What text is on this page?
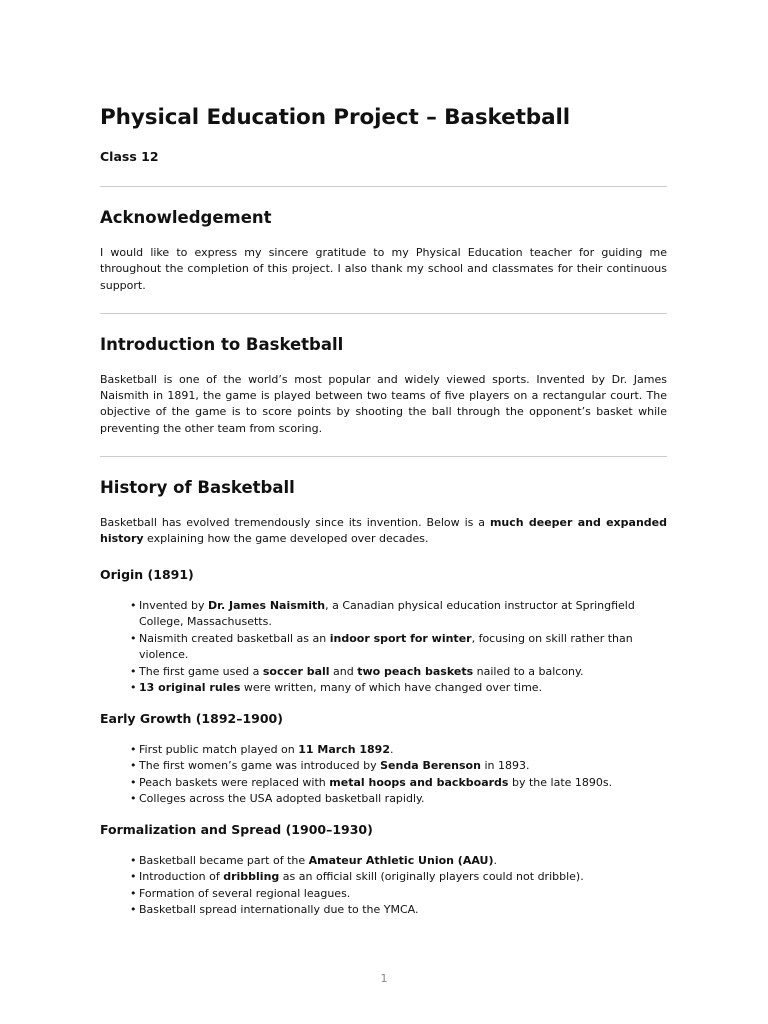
Physical Education Project – Basketball
Class 12
Acknowledgement

I would like to express my sincere gratitude to my Physical Education teacher for guiding me throughout the completion of this project. I also thank my school and classmates for their continuous support.

Introduction to Basketball

Basketball is one of the world’s most popular and widely viewed sports. Invented by Dr. James Naismith in 1891, the game is played between two teams of five players on a rectangular court. The objective of the game is to score points by shooting the ball through the opponent’s basket while preventing the other team from scoring.

History of Basketball

Basketball has evolved tremendously since its invention. Below is a much deeper and expanded history explaining how the game developed over decades.

Origin (1891)
• Invented by Dr. James Naismith, a Canadian physical education instructor at Springfield College, Massachusetts.
• Naismith created basketball as an indoor sport for winter, focusing on skill rather than violence.
• The first game used a soccer ball and two peach baskets nailed to a balcony.
• 13 original rules were written, many of which have changed over time.
Early Growth (1892–1900)
• First public match played on 11 March 1892.
• The first women’s game was introduced by Senda Berenson in 1893.
• Peach baskets were replaced with metal hoops and backboards by the late 1890s.
• Colleges across the USA adopted basketball rapidly.
Formalization and Spread (1900–1930)
• Basketball became part of the Amateur Athletic Union (AAU).
• Introduction of dribbling as an official skill (originally players could not dribble).
• Formation of several regional leagues.
• Basketball spread internationally due to the YMCA.
1
